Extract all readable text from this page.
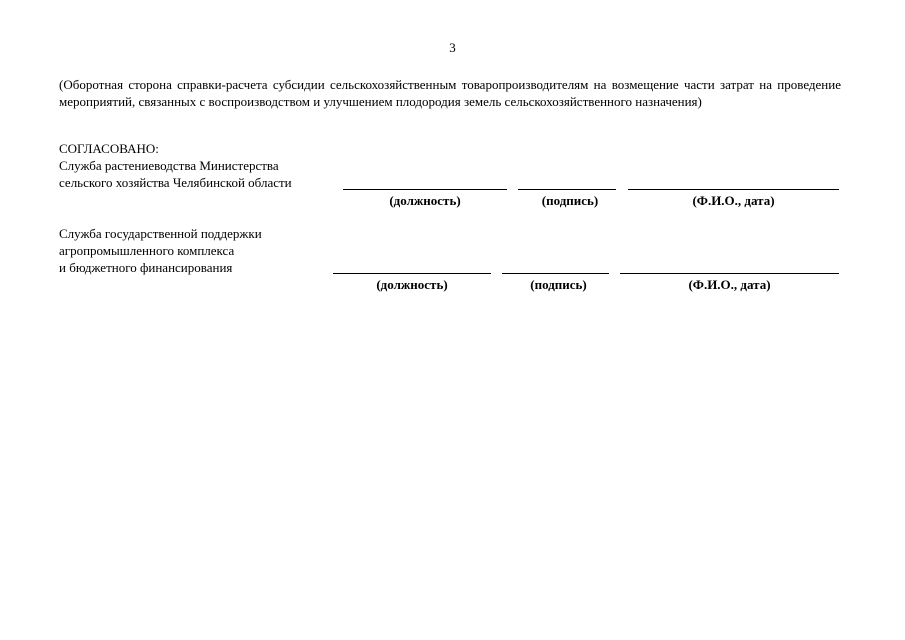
3
(Оборотная сторона справки-расчета субсидии сельскохозяйственным товаропроизводителям на возмещение части затрат на проведение мероприятий, связанных с воспроизводством и улучшением плодородия земель сельскохозяйственного назначения)
СОГЛАСОВАНО:
Служба растениеводства Министерства
сельского хозяйства Челябинской области
(должность)	(подпись)	(Ф.И.О., дата)
Служба государственной поддержки
агропромышленного комплекса
и бюджетного финансирования
(должность)	(подпись)	(Ф.И.О., дата)
